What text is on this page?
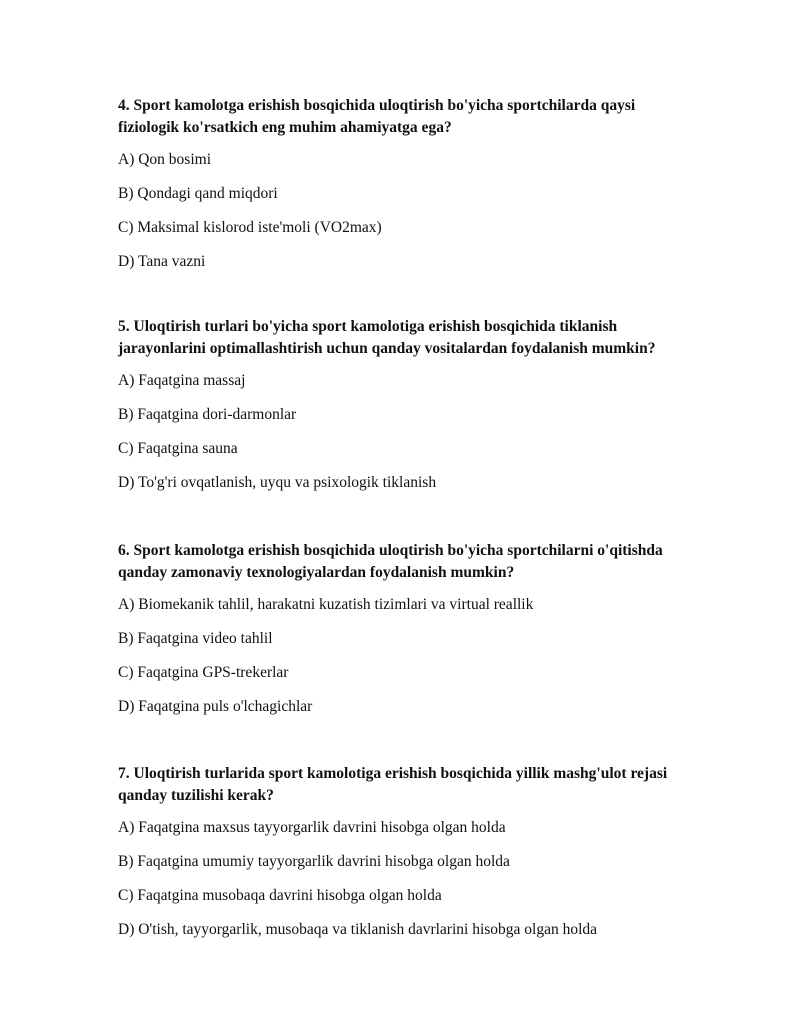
4. Sport kamolotga erishish bosqichida uloqtirish bo'yicha sportchilarda qaysi fiziologik ko'rsatkich eng muhim ahamiyatga ega?

A) Qon bosimi
B) Qondagi qand miqdori
C) Maksimal kislorod iste'moli (VO2max)
D) Tana vazni

5. Uloqtirish turlari bo'yicha sport kamolotiga erishish bosqichida tiklanish jarayonlarini optimallashtirish uchun qanday vositalardan foydalanish mumkin?

A) Faqatgina massaj
B) Faqatgina dori-darmonlar
C) Faqatgina sauna
D) To'g'ri ovqatlanish, uyqu va psixologik tiklanish

6. Sport kamolotga erishish bosqichida uloqtirish bo'yicha sportchilarni o'qitishda qanday zamonaviy texnologiyalardan foydalanish mumkin?

A) Biomekanik tahlil, harakatni kuzatish tizimlari va virtual reallik
B) Faqatgina video tahlil
C) Faqatgina GPS-trekerlar
D) Faqatgina puls o'lchagichlar

7. Uloqtirish turlarida sport kamolotiga erishish bosqichida yillik mashg'ulot rejasi qanday tuzilishi kerak?

A) Faqatgina maxsus tayyorgarlik davrini hisobga olgan holda
B) Faqatgina umumiy tayyorgarlik davrini hisobga olgan holda
C) Faqatgina musobaqa davrini hisobga olgan holda
D) O'tish, tayyorgarlik, musobaqa va tiklanish davrlarini hisobga olgan holda
